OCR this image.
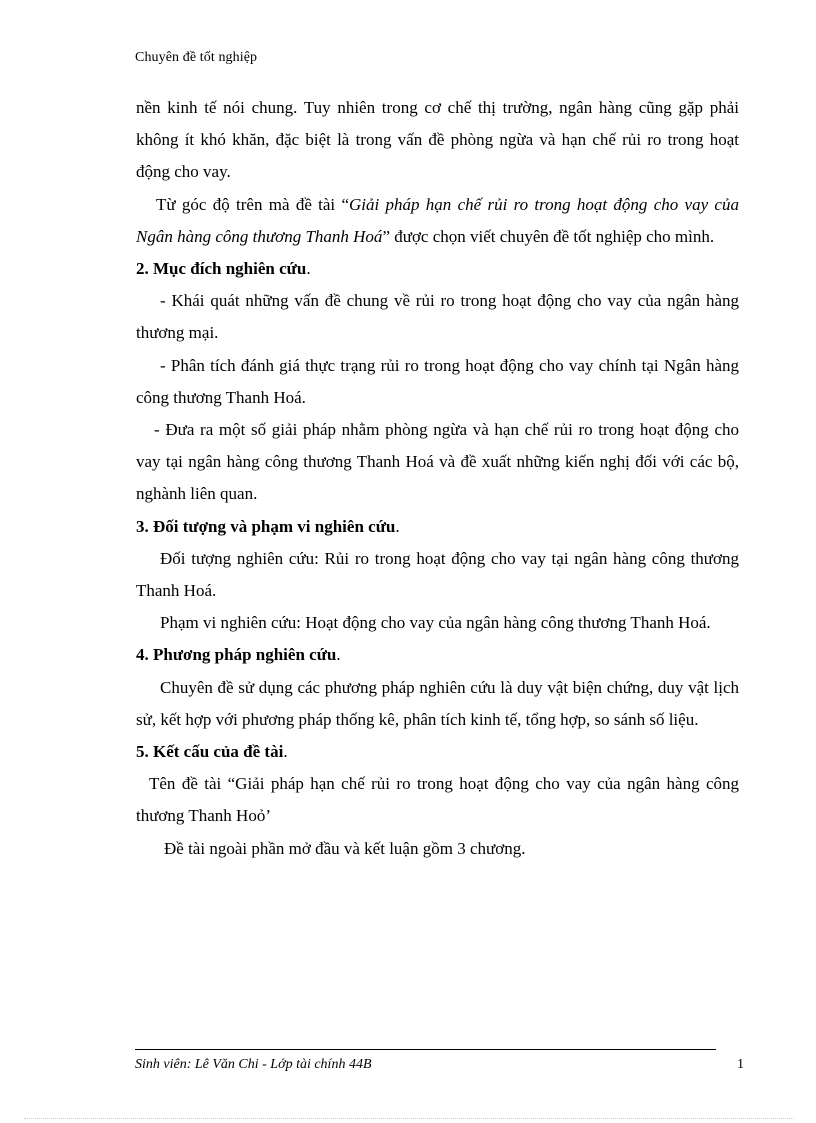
Chuyên đề tốt nghiệp
nền kinh tế nói chung. Tuy nhiên trong cơ chế thị trường, ngân hàng cũng gặp phải không ít khó khăn, đặc biệt là trong vấn đề phòng ngừa và hạn chế rủi ro trong hoạt động cho vay.
Từ góc độ trên mà đề tài “Giải pháp hạn chế rủi ro trong hoạt động cho vay của Ngân hàng công thương Thanh Hoá” được chọn viết chuyên đề tốt nghiệp cho mình.
2. Mục đích nghiên cứu.
- Khái quát những vấn đề chung về rủi ro trong hoạt động cho vay của ngân hàng thương mại.
- Phân tích đánh giá thực trạng rủi ro trong hoạt động cho vay chính tại Ngân hàng công thương Thanh Hoá.
- Đưa ra một số giải pháp nhằm phòng ngừa và hạn chế rủi ro trong hoạt động cho vay tại ngân hàng công thương Thanh Hoá và đề xuất những kiến nghị đối với các bộ, nghành liên quan.
3. Đối tượng và phạm vi nghiên cứu.
Đối tượng nghiên cứu: Rủi ro trong hoạt động cho vay tại ngân hàng công thương Thanh Hoá.
Phạm vi nghiên cứu: Hoạt động cho vay của ngân hàng công thương Thanh Hoá.
4. Phương pháp nghiên cứu.
Chuyên đề sử dụng các phương pháp nghiên cứu là duy vật biện chứng, duy vật lịch sử, kết hợp với phương pháp thống kê, phân tích kinh tế, tổng hợp, so sánh số liệu.
5. Kết cấu của đề tài.
Tên đề tài “Giải pháp hạn chế rủi ro trong hoạt động cho vay của ngân hàng công thương Thanh Hoỏ’
Đề tài ngoài phần mở đầu và kết luận gồm 3 chương.
Sinh viên: Lê Văn Chi - Lớp tài chính 44B	1
